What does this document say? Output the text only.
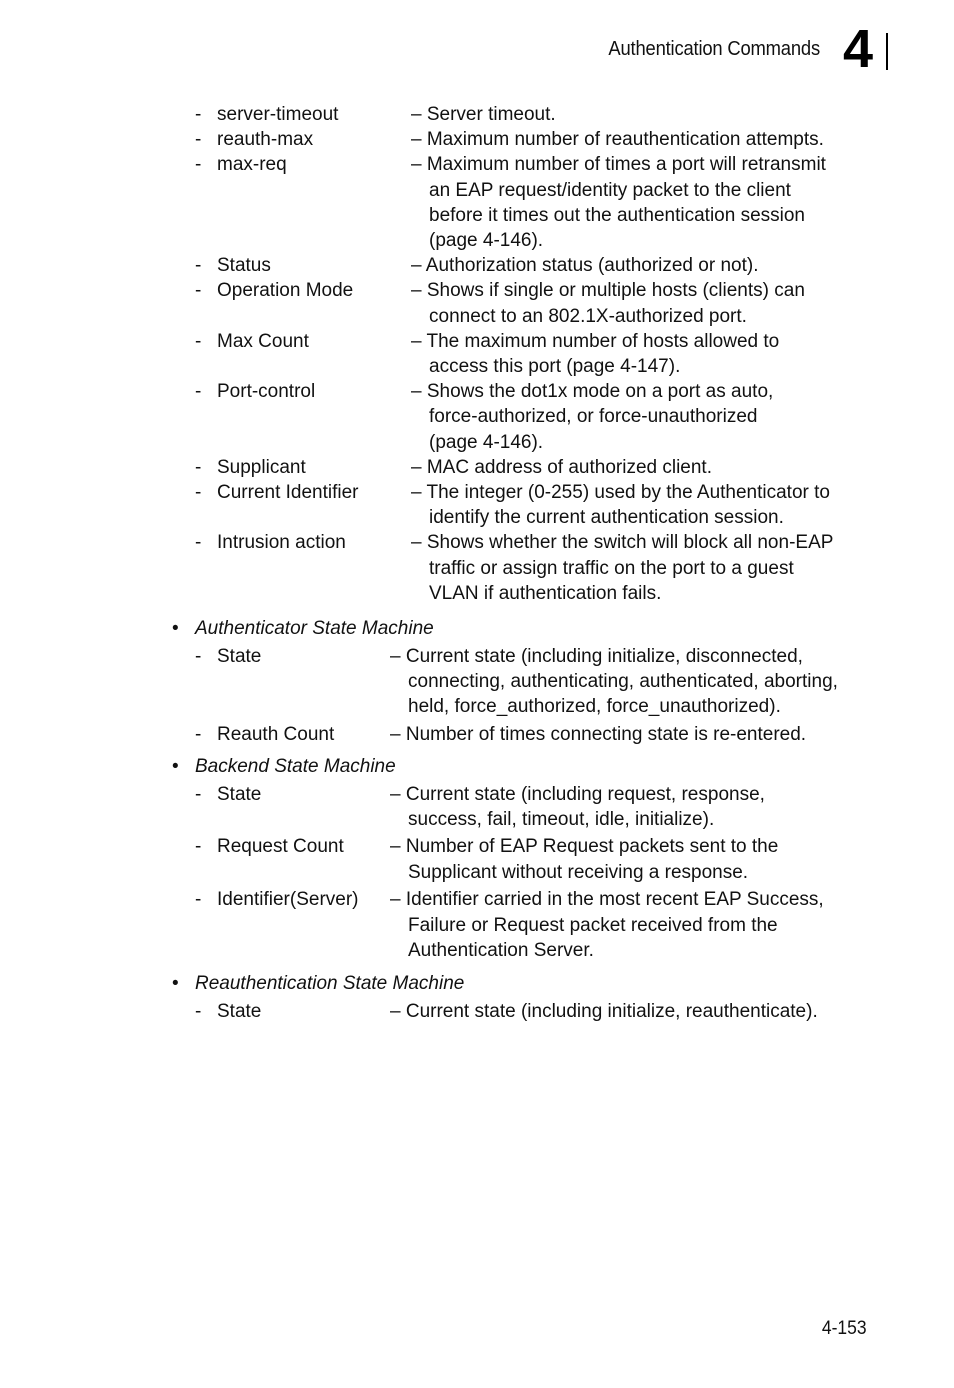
Authentication Commands 4
- server-timeout	– Server timeout.
- reauth-max	– Maximum number of reauthentication attempts.
- max-req	– Maximum number of times a port will retransmit
an EAP request/identity packet to the client
before it times out the authentication session
(page 4-146).
- Status	– Authorization status (authorized or not).
- Operation Mode	– Shows if single or multiple hosts (clients) can
connect to an 802.1X-authorized port.
- Max Count	– The maximum number of hosts allowed to
access this port (page 4-147).
- Port-control	– Shows the dot1x mode on a port as auto,
force-authorized, or force-unauthorized
(page 4-146).
- Supplicant	– MAC address of authorized client.
- Current Identifier	– The integer (0-255) used by the Authenticator to
identify the current authentication session.
- Intrusion action	– Shows whether the switch will block all non-EAP
traffic or assign traffic on the port to a guest
VLAN if authentication fails.
• Authenticator State Machine
- State	– Current state (including initialize, disconnected,
connecting, authenticating, authenticated, aborting,
held, force_authorized, force_unauthorized).
- Reauth Count	– Number of times connecting state is re-entered.
• Backend State Machine
- State	– Current state (including request, response,
success, fail, timeout, idle, initialize).
- Request Count – Number of EAP Request packets sent to the
Supplicant without receiving a response.
- Identifier(Server) – Identifier carried in the most recent EAP Success,
Failure or Request packet received from the
Authentication Server.
• Reauthentication State Machine
- State	– Current state (including initialize, reauthenticate).
4-153
